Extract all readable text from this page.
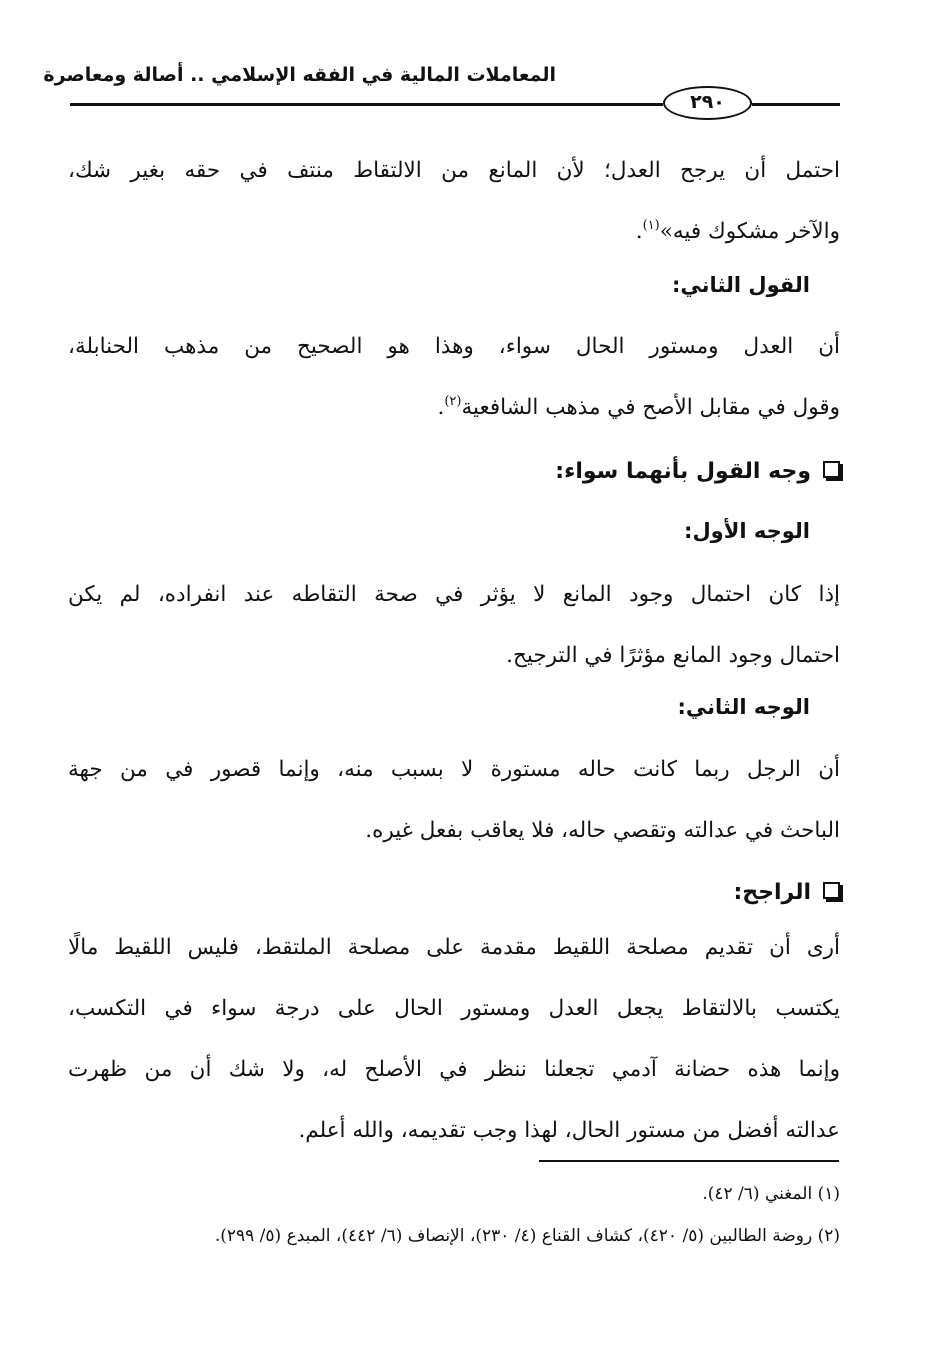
المعاملات المالية في الفقه الإسلامي .. أصالة ومعاصرة
٢٩٠
احتمل أن يرجح العدل؛ لأن المانع من الالتقاط منتف في حقه بغير شك،
والآخر مشكوك فيه»$^{(١)}$.
القول الثاني:
أن العدل ومستور الحال سواء، وهذا هو الصحيح من مذهب الحنابلة،
وقول في مقابل الأصح في مذهب الشافعية$^{(٢)}$.
وجه القول بأنهما سواء:
الوجه الأول:
إذا كان احتمال وجود المانع لا يؤثر في صحة التقاطه عند انفراده، لم يكن
احتمال وجود المانع مؤثرًا في الترجيح.
الوجه الثاني:
أن الرجل ربما كانت حاله مستورة لا بسبب منه، وإنما قصور في من جهة
الباحث في عدالته وتقصي حاله، فلا يعاقب بفعل غيره.
الراجح:
أرى أن تقديم مصلحة اللقيط مقدمة على مصلحة الملتقط، فليس اللقيط مالًا
يكتسب بالالتقاط يجعل العدل ومستور الحال على درجة سواء في التكسب،
وإنما هذه حضانة آدمي تجعلنا ننظر في الأصلح له، ولا شك أن من ظهرت
عدالته أفضل من مستور الحال، لهذا وجب تقديمه، والله أعلم.
(١) المغني (٦/ ٤٢).
(٢) روضة الطالبين (٥/ ٤٢٠)، كشاف القناع (٤/ ٢٣٠)، الإنصاف (٦/ ٤٤٢)، المبدع (٥/ ٢٩٩).
